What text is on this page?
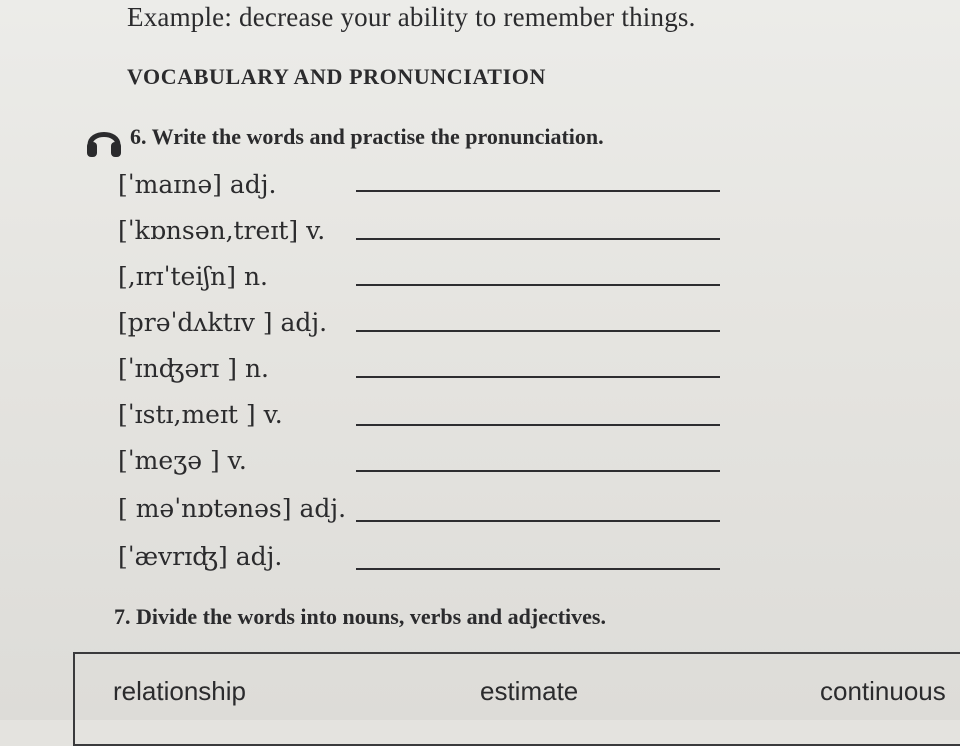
Example: decrease your ability to remember things.
VOCABULARY AND PRONUNCIATION
6. Write the words and practise the pronunciation.
[ˈmaɪnə] adj.
[ˈkɒnsən,treɪt] v.
[,ɪrɪˈteiʃn] n.
[prəˈdʌktɪv ] adj.
[ˈɪnʤərɪ ] n.
[ˈɪstɪ,meɪt ] v.
[ˈmeʒə ] v.
[ məˈnɒtənəs] adj.
[ˈævrɪʤ] adj.
7. Divide the words into nouns, verbs and adjectives.
relationship	estimate	continuous
